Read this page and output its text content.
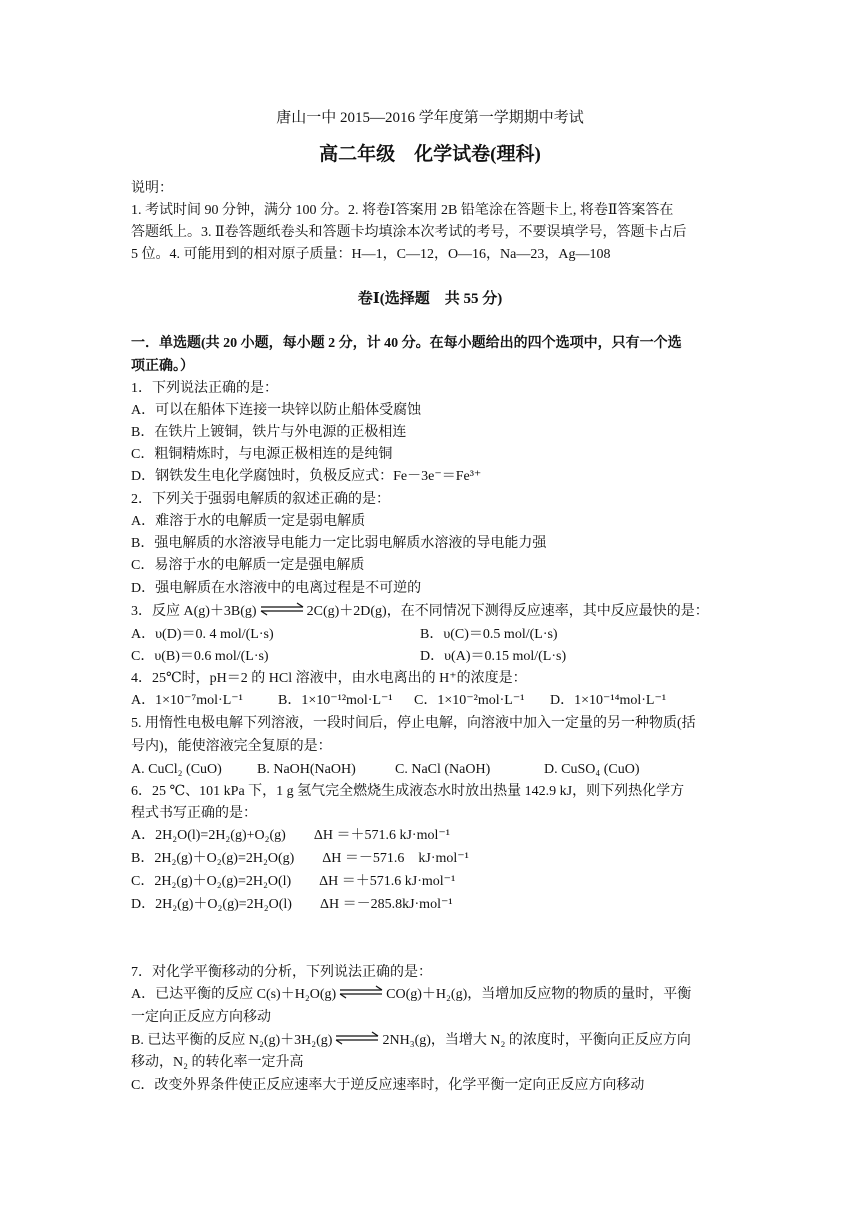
唐山一中 2015—2016 学年度第一学期期中考试
高二年级　化学试卷(理科)
说明：
1. 考试时间 90 分钟，满分 100 分。2. 将卷Ⅰ答案用 2B 铅笔涂在答题卡上, 将卷Ⅱ答案答在
答题纸上。3. Ⅱ卷答题纸卷头和答题卡均填涂本次考试的考号，不要误填学号，答题卡占后
5 位。4. 可能用到的相对原子质量：H—1，C—12，O—16，Na—23，Ag—108
卷Ⅰ(选择题　共 55 分)
一．单选题(共 20 小题，每小题 2 分，计 40 分。在每小题给出的四个选项中，只有一个选
项正确。）
1．下列说法正确的是：
A．可以在船体下连接一块锌以防止船体受腐蚀
B．在铁片上镀铜，铁片与外电源的正极相连
C．粗铜精炼时，与电源正极相连的是纯铜
D．钢铁发生电化学腐蚀时，负极反应式：Fe－3e⁻＝Fe³⁺
2．下列关于强弱电解质的叙述正确的是：
A．难溶于水的电解质一定是弱电解质
B．强电解质的水溶液导电能力一定比弱电解质水溶液的导电能力强
C．易溶于水的电解质一定是强电解质
D．强电解质在水溶液中的电离过程是不可逆的
3．反应 A(g)＋3B(g) ⇌ 2C(g)＋2D(g)，在不同情况下测得反应速率，其中反应最快的是：
A．υ(D)＝0. 4 mol/(L·s)	B．υ(C)＝0.5 mol/(L·s)
C．υ(B)＝0.6 mol/(L·s)	D．υ(A)＝0.15 mol/(L·s)
4．25℃时，pH＝2 的 HCl 溶液中，由水电离出的 H⁺的浓度是：
A．1×10⁻⁷mol·L⁻¹	B．1×10⁻¹²mol·L⁻¹ C．1×10⁻²mol·L⁻¹ D．1×10⁻¹⁴mol·L⁻¹
5. 用惰性电极电解下列溶液，一段时间后，停止电解，向溶液中加入一定量的另一种物质(括
号内)，能使溶液完全复原的是：
A. CuCl₂ (CuO)	B. NaOH(NaOH)	C. NaCl (NaOH)	D. CuSO₄ (CuO)
6．25 ℃、101 kPa 下，1 g 氢气完全燃烧生成液态水时放出热量 142.9 kJ，则下列热化学方
程式书写正确的是：
A．2H₂O(l)=2H₂(g)+O₂(g)　　ΔH ＝＋571.6 kJ·mol⁻¹
B．2H₂(g)＋O₂(g)=2H₂O(g)　　ΔH ＝－571.6　kJ·mol⁻¹
C．2H₂(g)＋O₂(g)=2H₂O(l)　　ΔH ＝＋571.6 kJ·mol⁻¹
D．2H₂(g)＋O₂(g)=2H₂O(l)　　ΔH ＝－285.8kJ·mol⁻¹
7．对化学平衡移动的分析，下列说法正确的是：
A．已达平衡的反应 C(s)＋H₂O(g) ⇌ CO(g)＋H₂(g)，当增加反应物的物质的量时，平衡
一定向正反应方向移动
B. 已达平衡的反应 N₂(g)＋3H₂(g) ⇌ 2NH₃(g)，当增大 N₂ 的浓度时，平衡向正反应方向
移动，N₂ 的转化率一定升高
C．改变外界条件使正反应速率大于逆反应速率时，化学平衡一定向正反应方向移动
